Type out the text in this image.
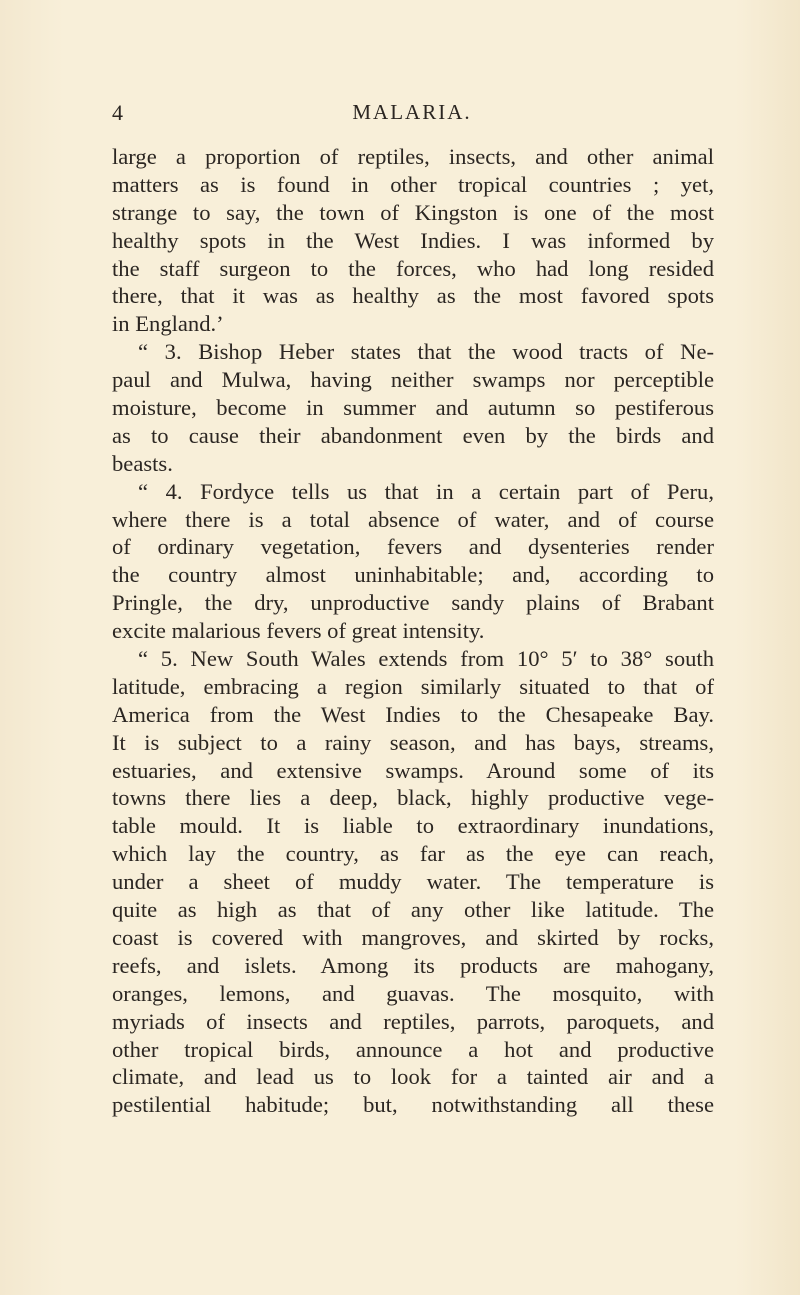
4	MALARIA.
large a proportion of reptiles, insects, and other animal
matters as is found in other tropical countries ; yet,
strange to say, the town of Kingston is one of the most
healthy spots in the West Indies. I was informed by
the staff surgeon to the forces, who had long resided
there, that it was as healthy as the most favored spots
in England.’
“ 3. Bishop Heber states that the wood tracts of Ne-
paul and Mulwa, having neither swamps nor perceptible
moisture, become in summer and autumn so pestiferous
as to cause their abandonment even by the birds and
beasts.
“ 4. Fordyce tells us that in a certain part of Peru,
where there is a total absence of water, and of course
of ordinary vegetation, fevers and dysenteries render
the country almost uninhabitable; and, according to
Pringle, the dry, unproductive sandy plains of Brabant
excite malarious fevers of great intensity.
“ 5. New South Wales extends from 10° 5′ to 38° south
latitude, embracing a region similarly situated to that of
America from the West Indies to the Chesapeake Bay.
It is subject to a rainy season, and has bays, streams,
estuaries, and extensive swamps. Around some of its
towns there lies a deep, black, highly productive vege-
table mould. It is liable to extraordinary inundations,
which lay the country, as far as the eye can reach,
under a sheet of muddy water. The temperature is
quite as high as that of any other like latitude. The
coast is covered with mangroves, and skirted by rocks,
reefs, and islets. Among its products are mahogany,
oranges, lemons, and guavas. The mosquito, with
myriads of insects and reptiles, parrots, paroquets, and
other tropical birds, announce a hot and productive
climate, and lead us to look for a tainted air and a
pestilential habitude; but, notwithstanding all these
